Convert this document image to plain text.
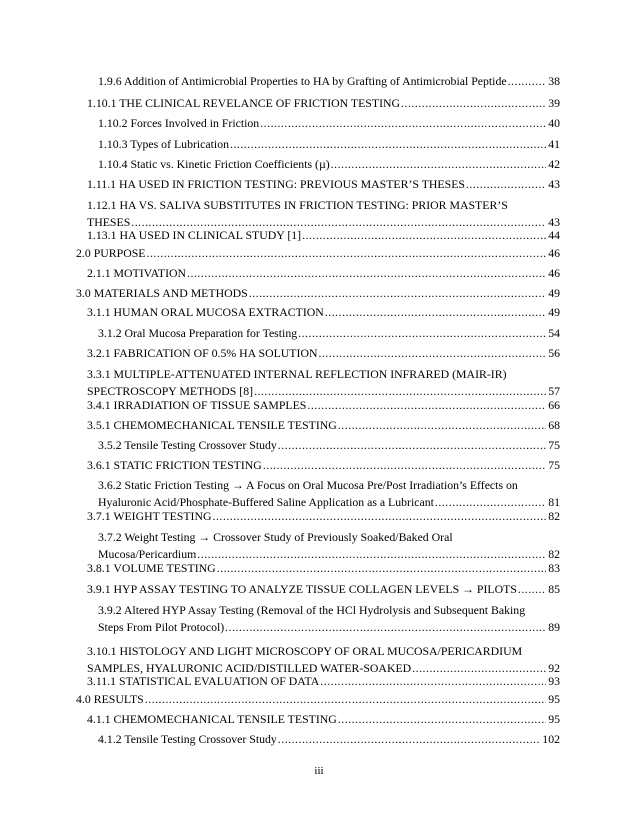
1.9.6 Addition of Antimicrobial Properties to HA by Grafting of Antimicrobial Peptide .....	38
1.10.1 THE CLINICAL REVELANCE OF FRICTION TESTING .....	39
1.10.2 Forces Involved in Friction .....	40
1.10.3 Types of Lubrication .....	41
1.10.4 Static vs. Kinetic Friction Coefficients (µ) .....	42
1.11.1 HA USED IN FRICTION TESTING: PREVIOUS MASTER’S THESES .....	43
1.12.1 HA VS. SALIVA SUBSTITUTES IN FRICTION TESTING: PRIOR MASTER’S
THESES .....	43
1.13.1 HA USED IN CLINICAL STUDY [1] .....	44
2.0 PURPOSE .....	46
2.1.1 MOTIVATION .....	46
3.0 MATERIALS AND METHODS .....	49
3.1.1 HUMAN ORAL MUCOSA EXTRACTION .....	49
3.1.2 Oral Mucosa Preparation for Testing .....	54
3.2.1 FABRICATION OF 0.5% HA SOLUTION .....	56
3.3.1 MULTIPLE-ATTENUATED INTERNAL REFLECTION INFRARED (MAIR-IR)
SPECTROSCOPY METHODS [8] .....	57
3.4.1 IRRADIATION OF TISSUE SAMPLES .....	66
3.5.1 CHEMOMECHANICAL TENSILE TESTING .....	68
3.5.2 Tensile Testing Crossover Study .....	75
3.6.1 STATIC FRICTION TESTING .....	75
3.6.2 Static Friction Testing → A Focus on Oral Mucosa Pre/Post Irradiation’s Effects on
Hyaluronic Acid/Phosphate-Buffered Saline Application as a Lubricant .....	81
3.7.1 WEIGHT TESTING .....	82
3.7.2 Weight Testing → Crossover Study of Previously Soaked/Baked Oral
Mucosa/Pericardium .....	82
3.8.1 VOLUME TESTING .....	83
3.9.1 HYP ASSAY TESTING TO ANALYZE TISSUE COLLAGEN LEVELS → PILOTS .....	85
3.9.2 Altered HYP Assay Testing (Removal of the HCl Hydrolysis and Subsequent Baking
Steps From Pilot Protocol) .....	89
3.10.1 HISTOLOGY AND LIGHT MICROSCOPY OF ORAL MUCOSA/PERICARDIUM
SAMPLES, HYALURONIC ACID/DISTILLED WATER-SOAKED .....	92
3.11.1 STATISTICAL EVALUATION OF DATA .....	93
4.0 RESULTS .....	95
4.1.1 CHEMOMECHANICAL TENSILE TESTING .....	95
4.1.2 Tensile Testing Crossover Study .....	102
iii
